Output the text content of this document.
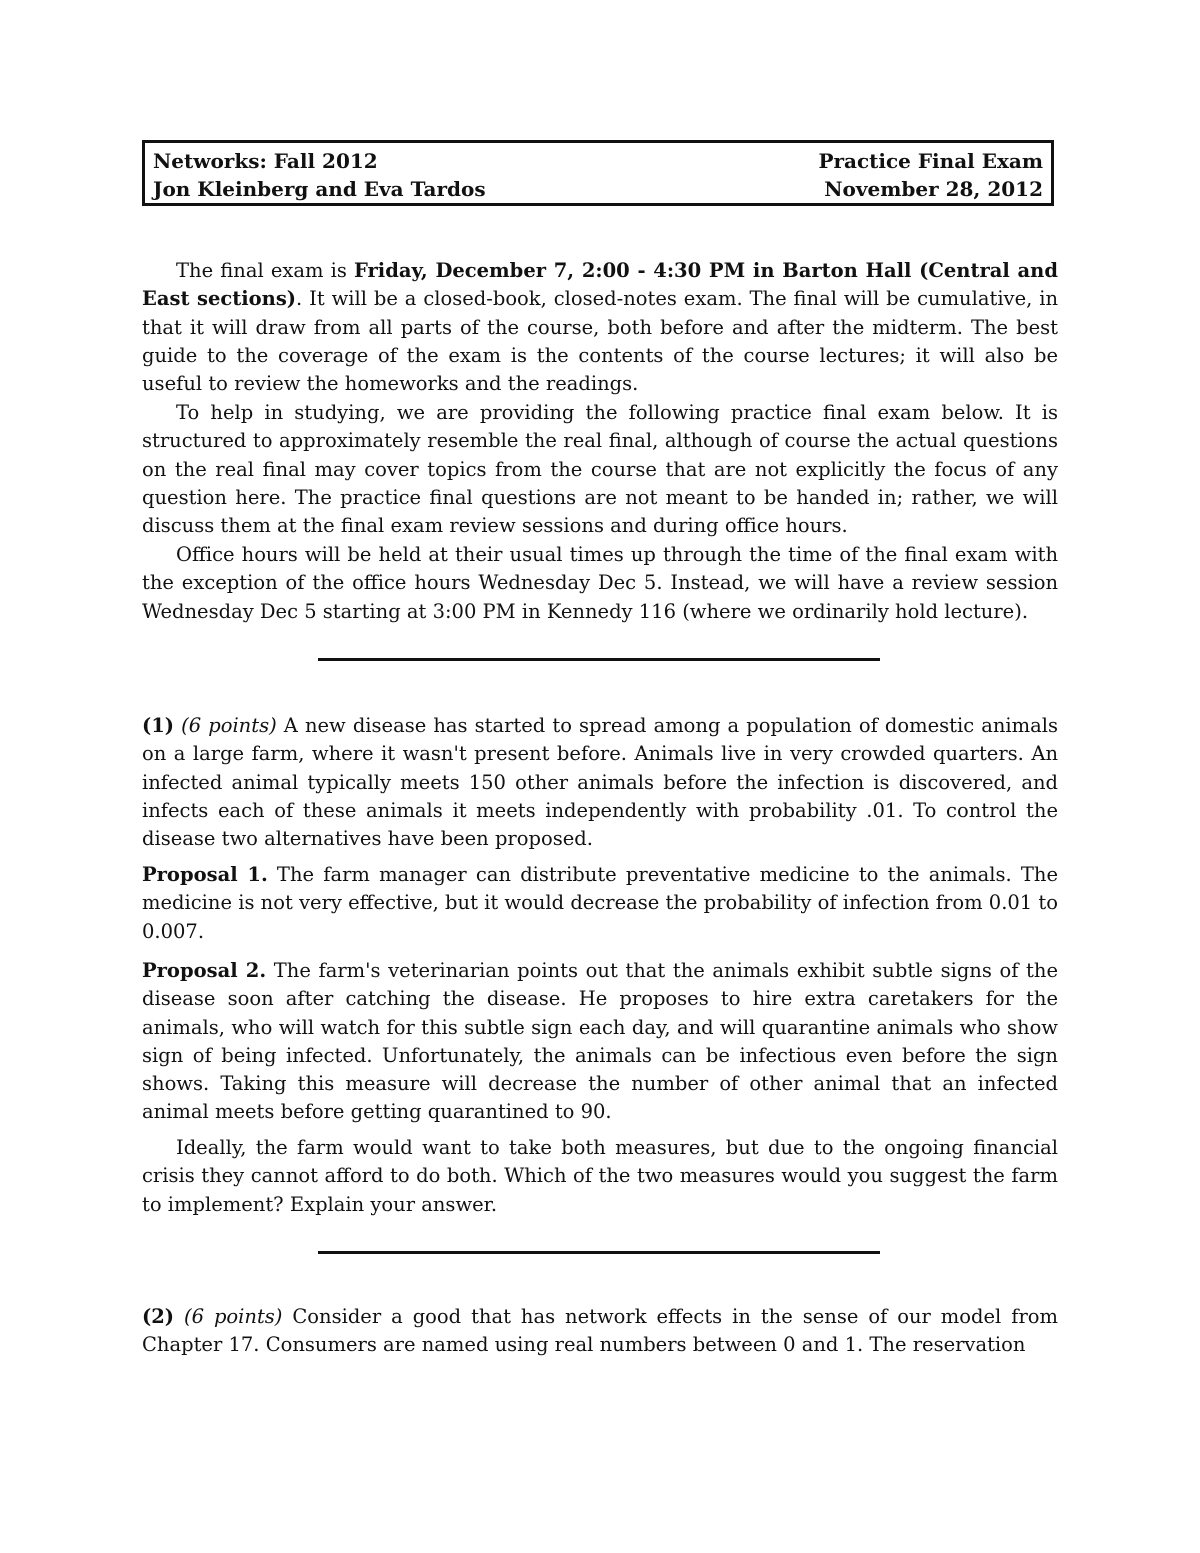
Networks: Fall 2012	Practice Final Exam
Jon Kleinberg and Eva Tardos	November 28, 2012

The final exam is Friday, December 7, 2:00 - 4:30 PM in Barton Hall (Central and East sections). It will be a closed-book, closed-notes exam. The final will be cumulative, in that it will draw from all parts of the course, both before and after the midterm. The best guide to the coverage of the exam is the contents of the course lectures; it will also be useful to review the homeworks and the readings.

To help in studying, we are providing the following practice final exam below. It is structured to approximately resemble the real final, although of course the actual questions on the real final may cover topics from the course that are not explicitly the focus of any question here. The practice final questions are not meant to be handed in; rather, we will discuss them at the final exam review sessions and during office hours.

Office hours will be held at their usual times up through the time of the final exam with the exception of the office hours Wednesday Dec 5. Instead, we will have a review session Wednesday Dec 5 starting at 3:00 PM in Kennedy 116 (where we ordinarily hold lecture).

(1) (6 points) A new disease has started to spread among a population of domestic animals on a large farm, where it wasn't present before. Animals live in very crowded quarters. An infected animal typically meets 150 other animals before the infection is discovered, and infects each of these animals it meets independently with probability .01. To control the disease two alternatives have been proposed.

Proposal 1. The farm manager can distribute preventative medicine to the animals. The medicine is not very effective, but it would decrease the probability of infection from 0.01 to 0.007.

Proposal 2. The farm's veterinarian points out that the animals exhibit subtle signs of the disease soon after catching the disease. He proposes to hire extra caretakers for the animals, who will watch for this subtle sign each day, and will quarantine animals who show sign of being infected. Unfortunately, the animals can be infectious even before the sign shows. Taking this measure will decrease the number of other animal that an infected animal meets before getting quarantined to 90.

Ideally, the farm would want to take both measures, but due to the ongoing financial crisis they cannot afford to do both. Which of the two measures would you suggest the farm to implement? Explain your answer.

(2) (6 points) Consider a good that has network effects in the sense of our model from Chapter 17. Consumers are named using real numbers between 0 and 1. The reservation
